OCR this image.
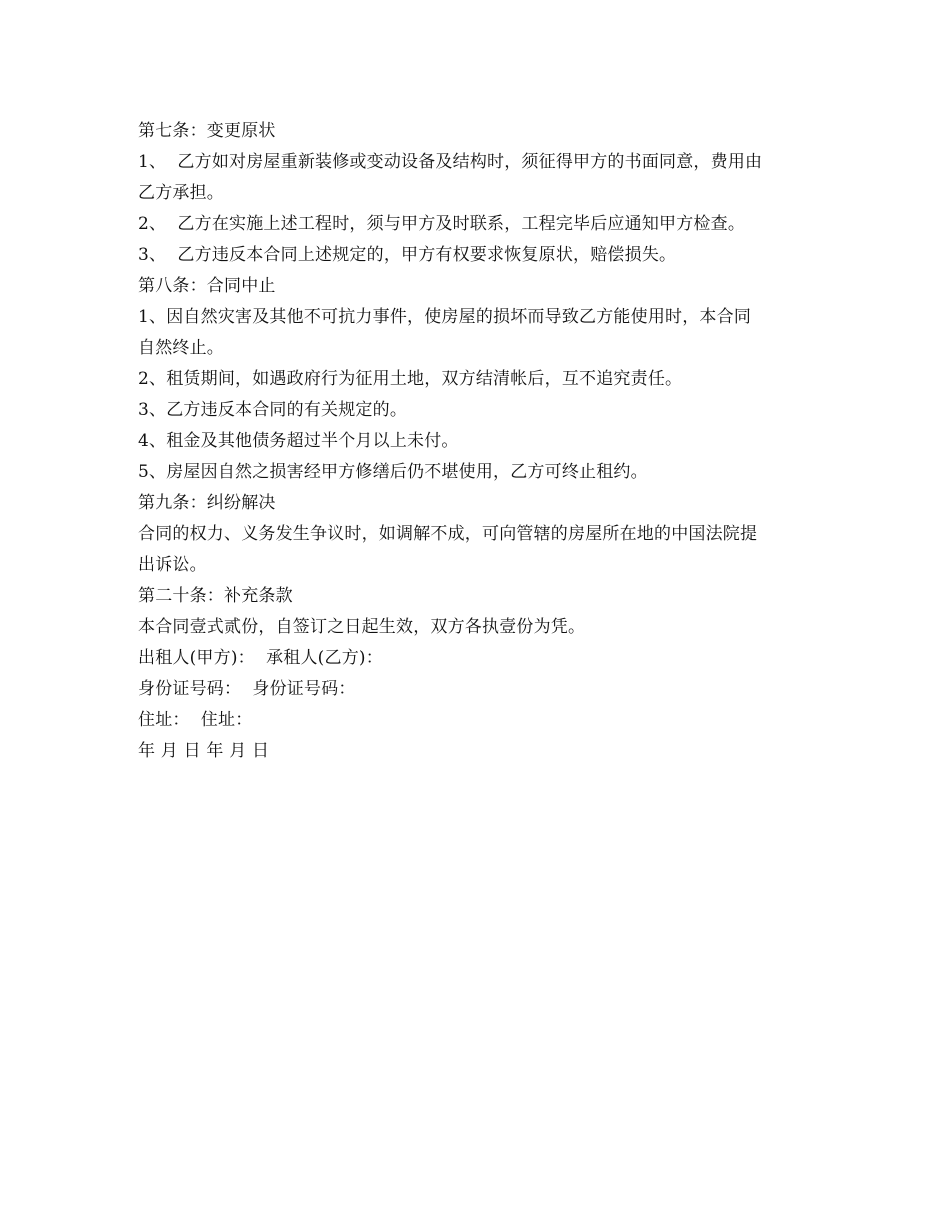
第七条：变更原状

1、  乙方如对房屋重新装修或变动设备及结构时，须征得甲方的书面同意，费用由

乙方承担。

2、  乙方在实施上述工程时，须与甲方及时联系，工程完毕后应通知甲方检查。

3、  乙方违反本合同上述规定的，甲方有权要求恢复原状，赔偿损失。

第八条：合同中止

1、因自然灾害及其他不可抗力事件，使房屋的损坏而导致乙方能使用时，本合同

自然终止。

2、租赁期间，如遇政府行为征用土地，双方结清帐后，互不追究责任。

3、乙方违反本合同的有关规定的。

4、租金及其他债务超过半个月以上未付。

5、房屋因自然之损害经甲方修缮后仍不堪使用，乙方可终止租约。

第九条：纠纷解决

合同的权力、义务发生争议时，如调解不成，可向管辖的房屋所在地的中国法院提

出诉讼。

第二十条：补充条款

本合同壹式贰份，自签订之日起生效，双方各执壹份为凭。

出租人(甲方)：  承租人(乙方)：

身份证号码：  身份证号码：

住址：  住址：

年 月 日 年 月 日
